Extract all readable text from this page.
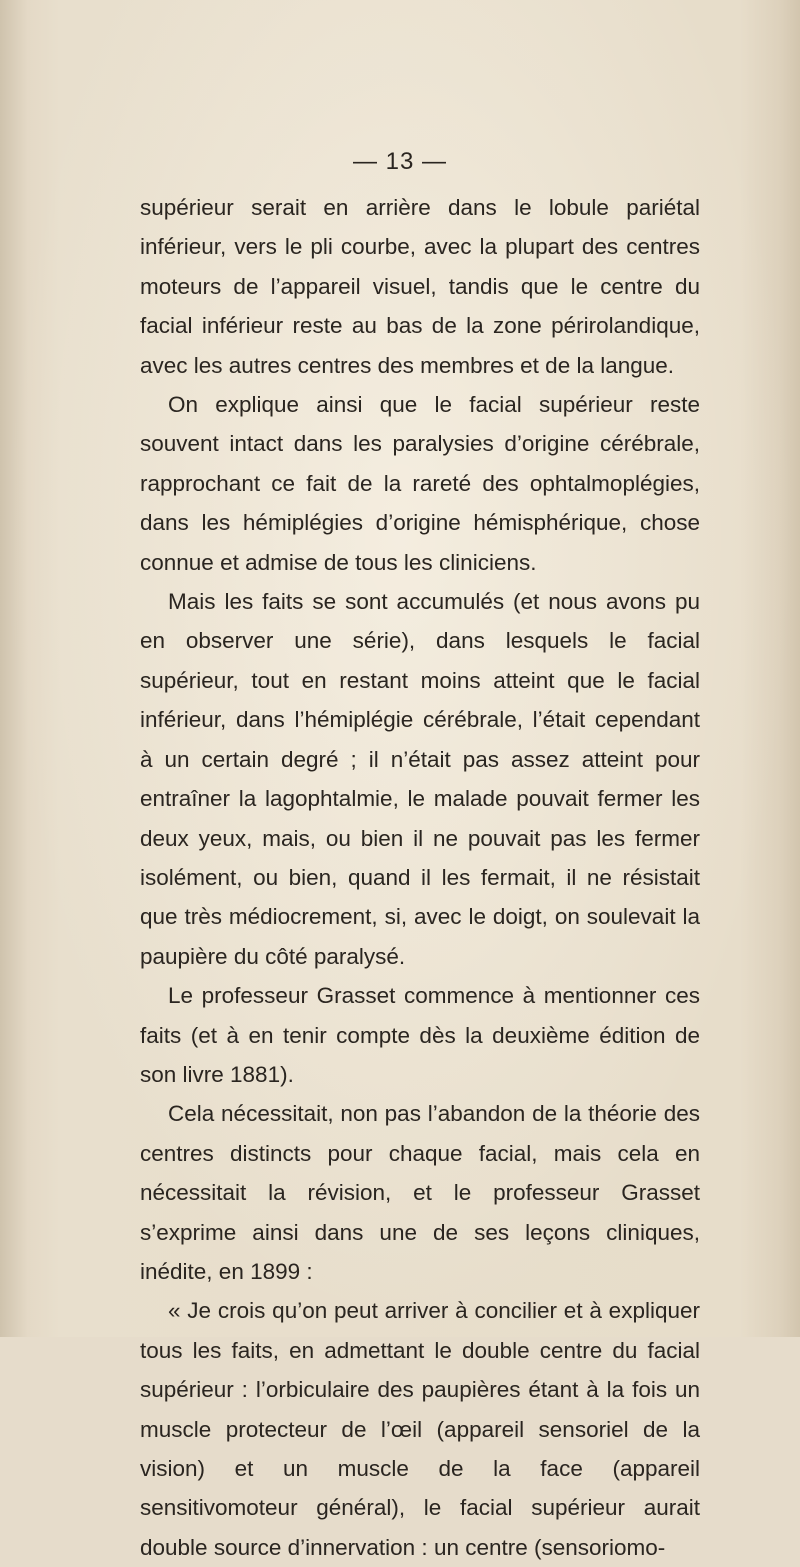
— 13 —

supérieur serait en arrière dans le lobule pariétal inférieur, vers le pli courbe, avec la plupart des centres moteurs de l’appareil visuel, tandis que le centre du facial inférieur reste au bas de la zone périrolandique, avec les autres centres des membres et de la langue.

On explique ainsi que le facial supérieur reste souvent intact dans les paralysies d’origine cérébrale, rapprochant ce fait de la rareté des ophtalmoplégies, dans les hémiplégies d’origine hémisphérique, chose connue et admise de tous les cliniciens.

Mais les faits se sont accumulés (et nous avons pu en observer une série), dans lesquels le facial supérieur, tout en restant moins atteint que le facial inférieur, dans l’hémiplégie cérébrale, l’était cependant à un certain degré ; il n’était pas assez atteint pour entraîner la lagophtalmie, le malade pouvait fermer les deux yeux, mais, ou bien il ne pouvait pas les fermer isolément, ou bien, quand il les fermait, il ne résistait que très médiocrement, si, avec le doigt, on soulevait la paupière du côté paralysé.

Le professeur Grasset commence à mentionner ces faits (et à en tenir compte dès la deuxième édition de son livre 1881).

Cela nécessitait, non pas l’abandon de la théorie des centres distincts pour chaque facial, mais cela en nécessitait la révision, et le professeur Grasset s’exprime ainsi dans une de ses leçons cliniques, inédite, en 1899 :

« Je crois qu’on peut arriver à concilier et à expliquer tous les faits, en admettant le double centre du facial supérieur : l’orbiculaire des paupières étant à la fois un muscle protecteur de l’œil (appareil sensoriel de la vision) et un muscle de la face (appareil sensitivomoteur général), le facial supérieur aurait double source d’innervation : un centre (sensoriomo-
